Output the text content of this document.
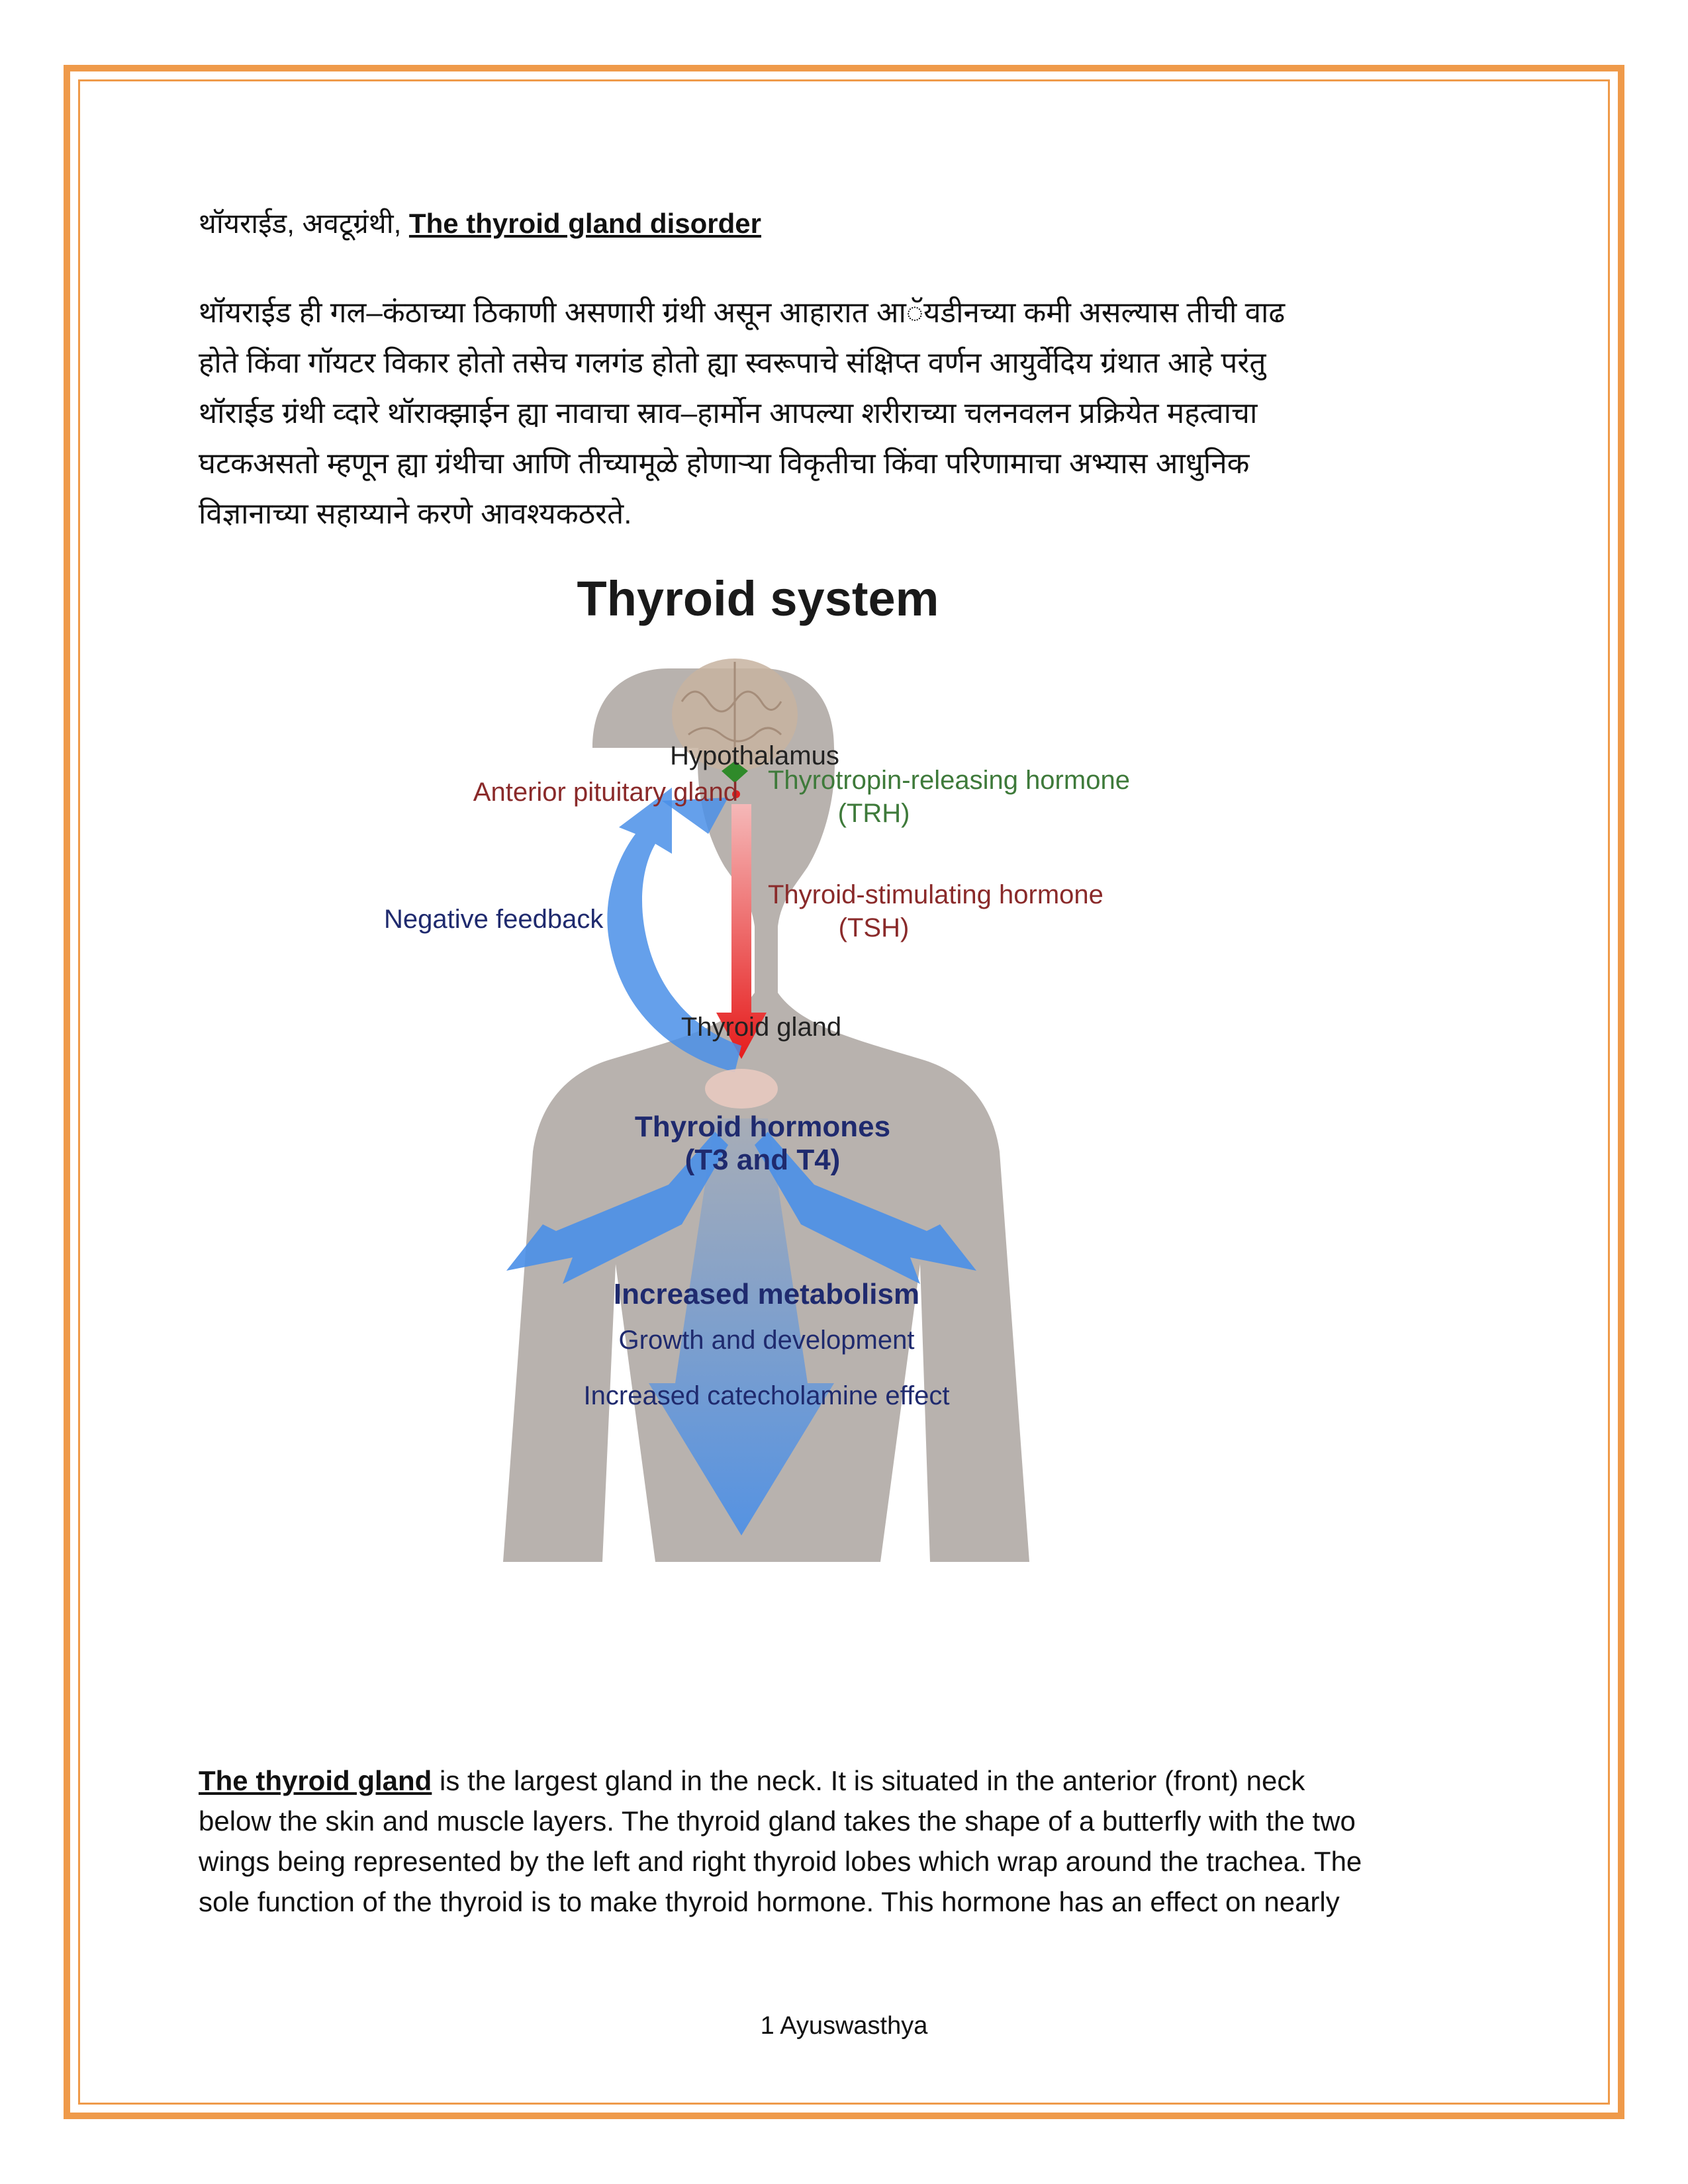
थॉयराईड, अवटूग्रंथी, The thyroid gland disorder
थॉयराईड ही गल–कंठाच्या ठिकाणी असणारी ग्रंथी असून आहारात आॅयडीनच्या कमी असल्यास तीची वाढ
होते किंवा गॉयटर विकार होतो तसेच गलगंड होतो ह्या स्वरूपाचे संक्षिप्त वर्णन आयुर्वेदिय ग्रंथात आहे परंतु
थॉराईड ग्रंथी व्दारे थॉराक्झाईन ह्या नावाचा स्राव–हार्मोन आपल्या शरीराच्या चलनवलन प्रक्रियेत महत्वाचा
घटकअसतो म्हणून ह्या ग्रंथीचा आणि तीच्यामूळे होणाऱ्या विकृतीचा किंवा परिणामाचा अभ्यास आधुनिक
विज्ञानाच्या सहाय्याने करणे आवश्यकठरते.
Thyroid system
Hypothalamus
Anterior pituitary gland Thyrotropin-releasing hormone
(TRH)
Negative feedback
Thyroid-stimulating hormone
(TSH)
Thyroid gland
Thyroid hormones
(T3 and T4)
Increased metabolism
Growth and development
Increased catecholamine effect
The thyroid gland is the largest gland in the neck. It is situated in the anterior (front) neck
below the skin and muscle layers. The thyroid gland takes the shape of a butterfly with the two
wings being represented by the left and right thyroid lobes which wrap around the trachea. The
sole function of the thyroid is to make thyroid hormone. This hormone has an effect on nearly
1 Ayuswasthya
